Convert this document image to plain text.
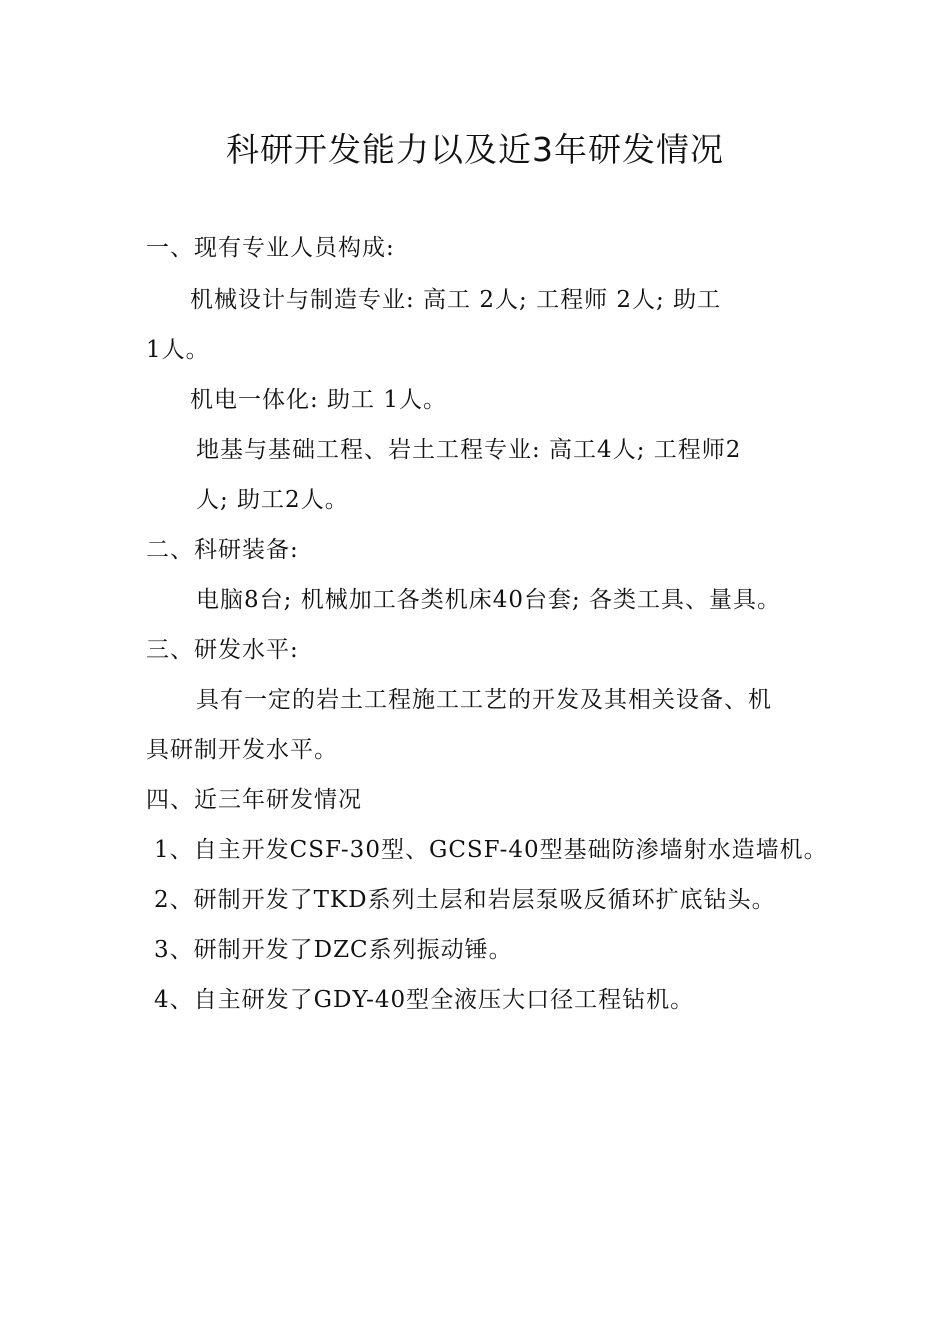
科研开发能力以及近3年研发情况
一、现有专业人员构成:
机械设计与制造专业: 高工 2人; 工程师 2人; 助工
1人。
机电一体化: 助工 1人。
地基与基础工程、岩土工程专业: 高工4人; 工程师2
人; 助工2人。
二、科研装备:
电脑8台; 机械加工各类机床40台套; 各类工具、量具。
三、研发水平:
具有一定的岩土工程施工工艺的开发及其相关设备、机
具研制开发水平。
四、近三年研发情况
1、自主开发CSF-30型、GCSF-40型基础防渗墙射水造墙机。
2、研制开发了TKD系列土层和岩层泵吸反循环扩底钻头。
3、研制开发了DZC系列振动锤。
4、自主研发了GDY-40型全液压大口径工程钻机。
